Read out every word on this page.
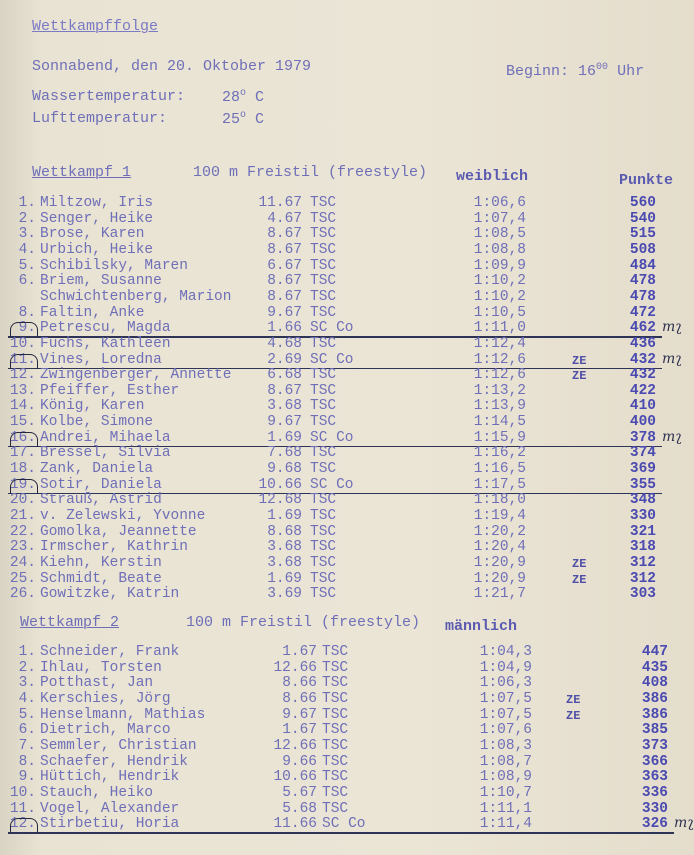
Wettkampffolge
Sonnabend, den 20. Oktober 1979	Beginn: $16^{00}$ Uhr
Wassertemperatur: 28$^o$ C
Lufttemperatur:	25$^o$ C
Wettkampf 1	100 m Freistil (freestyle) weiblich	Punkte
1. Miltzow, Iris	11.67 TSC	1:06,6	560
2. Senger, Heike	4.67 TSC	1:07,4	540
3. Brose, Karen	8.67 TSC	1:08,5	515
4. Urbich, Heike	8.67 TSC	1:08,8	508
5. Schibilsky, Maren	6.67 TSC	1:09,9	484
6. Briem, Susanne	8.67 TSC	1:10,2	478
Schwichtenberg, Marion	8.67 TSC	1:10,2	478
8. Faltin, Anke	9.67 TSC	1:10,5	472
9. Petrescu, Magda	1.66 SC Co	1:11,0	462 mʅ
10. Fuchs, Kathleen	4.68 TSC	1:12,4	436
11. Vines, Loredna	2.69 SC Co	1:12,6	ZE	432 mʅ
12. Zwingenberger, Annette	6.68 TSC	1:12,6	ZE	432
13. Pfeiffer, Esther	8.67 TSC	1:13,2	422
14. König, Karen	3.68 TSC	1:13,9	410
15. Kolbe, Simone	9.67 TSC	1:14,5	400
16. Andrei, Mihaela	1.69 SC Co	1:15,9	378 mʅ
17. Bressel, Silvia	7.68 TSC	1:16,2	374
18. Zank, Daniela	9.68 TSC	1:16,5	369
19. Sotir, Daniela	10.66 SC Co	1:17,5	355
20. Strauß, Astrid	12.68 TSC	1:18,0	348
21. v. Zelewski, Yvonne	1.69 TSC	1:19,4	330
22. Gomolka, Jeannette	8.68 TSC	1:20,2	321
23. Irmscher, Kathrin	3.68 TSC	1:20,4	318
24. Kiehn, Kerstin	3.68 TSC	1:20,9	ZE	312
25. Schmidt, Beate	1.69 TSC	1:20,9	ZE	312
26. Gowitzke, Katrin	3.69 TSC	1:21,7	303
Wettkampf 2	100 m Freistil (freestyle) männlich
1. Schneider, Frank	1.67 TSC	1:04,3	447
2. Ihlau, Torsten	12.66 TSC	1:04,9	435
3. Potthast, Jan	8.66 TSC	1:06,3	408
4. Kerschies, Jörg	8.66 TSC	1:07,5	ZE	386
5. Henselmann, Mathias	9.67 TSC	1:07,5	ZE	386
6. Dietrich, Marco	1.67 TSC	1:07,6	385
7. Semmler, Christian	12.66 TSC	1:08,3	373
8. Schaefer, Hendrik	9.66 TSC	1:08,7	366
9. Hüttich, Hendrik	10.66 TSC	1:08,9	363
10. Stauch, Heiko	5.67 TSC	1:10,7	336
11. Vogel, Alexander	5.68 TSC	1:11,1	330
12. Stirbetiu, Horia	11.66 SC Co	1:11,4	326 mʅ
